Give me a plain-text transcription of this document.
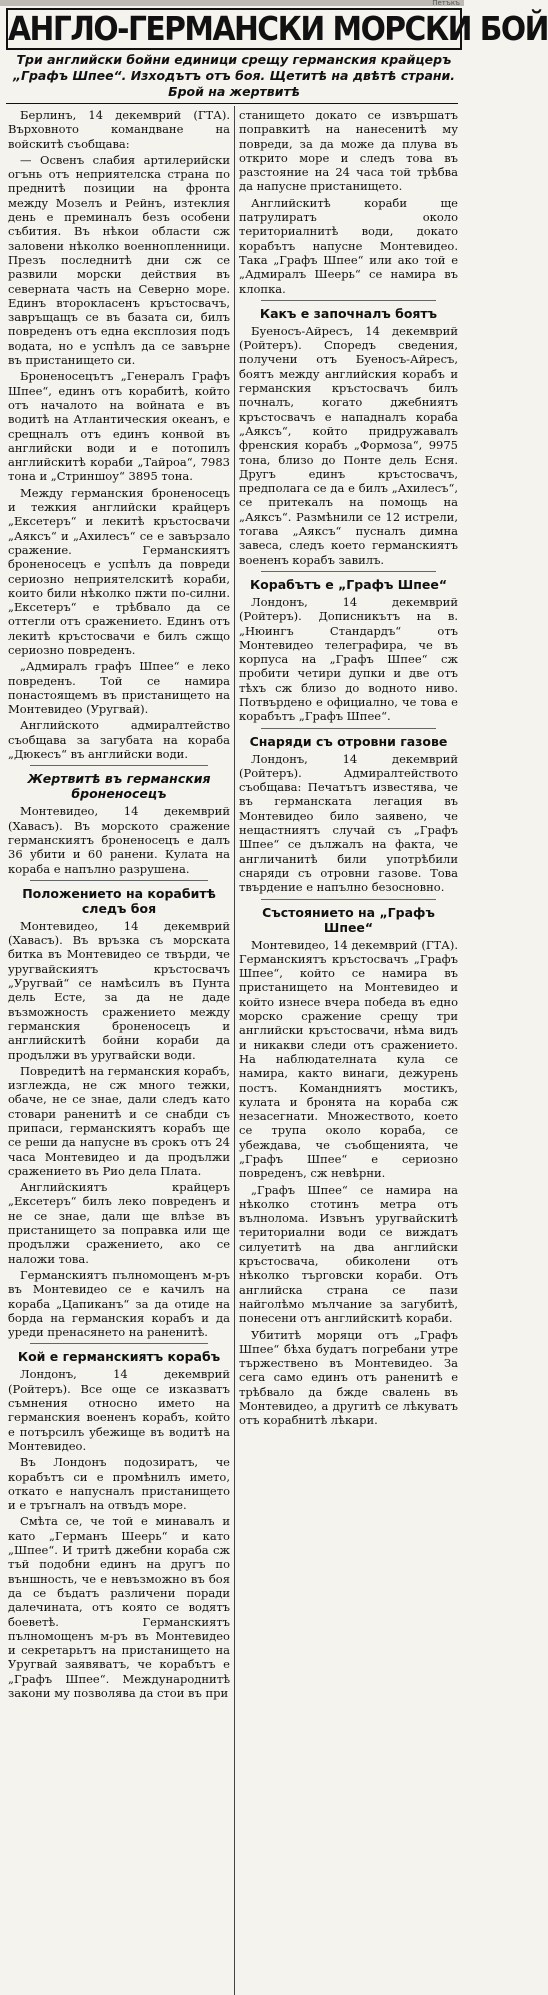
Петъкъ
АНГЛО-ГЕРМАНСКИ МОРСКИ БОЙ
Три английски бойни единици срещу германския крайцеръ „Графъ Шпее“. Изходътъ отъ боя. Щетитѣ на двѣтѣ страни. Брой на жертвитѣ

Берлинъ, 14 декемврий (ГТА). Върховното командване на войскитѣ съобщава:

— Освенъ слабия артилерийски огънь отъ неприятелска страна по преднитѣ позиции на фронта между Мозелъ и Рейнъ, изтеклия день е преминалъ безъ особени събития. Въ нѣкои области сж заловени нѣколко военнопленници. Презъ последнитѣ дни сж се развили морски действия въ северната часть на Северно море. Единъ второкласенъ кръстосвачъ, завръщащъ се въ базата си, билъ повреденъ отъ една експлозия подъ водата, но е успѣлъ да се завърне въ пристанището си.

Броненосецътъ „Генералъ Графъ Шпее“, единъ отъ корабитѣ, който отъ началото на войната е въ водитѣ на Атлантическия океанъ, е срещналъ отъ единъ конвой въ английски води и е потопилъ английскитѣ кораби „Тайроа“, 7983 тона и „Стриншоу“ 3895 тона.

Между германския броненосецъ и тежкия английски крайцеръ „Ексетеръ“ и лекитѣ кръстосвачи „Аяксъ“ и „Ахилесъ“ се е завързало сражение. Германскиятъ броненосецъ е успѣлъ да повреди сериозно неприятелскитѣ кораби, които били нѣколко пжти по-силни. „Ексетеръ“ е трѣбвало да се оттегли отъ сражението. Единъ отъ лекитѣ кръстосвачи е билъ сжщо сериозно повреденъ.

„Адмиралъ графъ Шпее“ е леко повреденъ. Той се намира понастоящемъ въ пристанището на Монтевидео (Уругвай).

Английското адмиралтейство съобщава за загубата на кораба „Дюкесъ“ въ английски води.

Жертвитѣ въ германския броненосецъ

Монтевидео, 14 декемврий (Хавасъ). Въ морското сражение германскиятъ броненосецъ е далъ 36 убити и 60 ранени. Кулата на кораба е напълно разрушена.

Положението на корабитѣ следъ боя

Монтевидео, 14 декемврий (Хавасъ). Въ връзка съ морската битка въ Монтевидео се твърди, че уругвайскиятъ кръстосвачъ „Уругвай“ се намѣсилъ въ Пунта дель Есте, за да не даде възможность сражението между германския броненосецъ и английскитѣ бойни кораби да продължи въ уругвайски води.

Повредитѣ на германския корабъ, изглежда, не сж много тежки, обаче, не се знае, дали следъ като стовари раненитѣ и се снабди съ припаси, германскиятъ корабъ ще се реши да напусне въ срокъ отъ 24 часа Монтевидео и да продължи сражението въ Рио дела Плата.

Английскиятъ крайцеръ „Ексетеръ“ билъ леко повреденъ и не се знае, дали ще влѣзе въ пристанището за поправка или ще продължи сражението, ако се наложи това.

Германскиятъ пълномощенъ м-ръ въ Монтевидео се е качилъ на кораба „Цапиканъ“ за да отиде на борда на германския корабъ и да уреди пренасянето на раненитѣ.

Кой е германскиятъ корабъ

Лондонъ, 14 декемврий (Ройтеръ). Все още се изказватъ съмнения относно името на германския воененъ корабъ, който е потърсилъ убежище въ водитѣ на Монтевидео.

Въ Лондонъ подозиратъ, че корабътъ си е промѣнилъ името, откато е напусналъ пристанището и е тръгналъ на отвъдъ море.

Смѣта се, че той е минавалъ и като „Германъ Шеерь“ и като „Шпее“. И тритѣ джебни кораба сж тъй подобни единъ на другъ по външность, че е невъзможно въ боя да се бъдатъ различени поради далечината, отъ която се водятъ боеветѣ. Германскиятъ пълномощенъ м-ръ въ Монтевидео и секретарьтъ на пристанището на Уругвай заявяватъ, че корабътъ е „Графъ Шпее“. Международнитѣ закони му позволява да стои въ при

станището докато се извършатъ поправкитѣ на нанесенитѣ му повреди, за да може да плува въ открито море и следъ това въ разстояние на 24 часа той трѣбва да напусне пристанището.

Английскитѣ кораби ще патрулиратъ около териториалнитѣ води, докато корабътъ напусне Монтевидео. Така „Графъ Шпее“ или ако той е „Адмиралъ Шеерь“ се намира въ клопка.

Какъ е започналъ боятъ

Буеносъ-Айресъ, 14 декемврий (Ройтеръ). Споредъ сведения, получени отъ Буеносъ-Айресъ, боятъ между английския корабъ и германския кръстосвачъ билъ почналъ, когато джебниятъ кръстосвачъ е нападналъ кораба „Аяксъ“, който придружавалъ френския корабъ „Формоза“, 9975 тона, близо до Понте дель Есня. Другъ единъ кръстосвачъ, предполага се да е билъ „Ахилесъ“, се притекалъ на помощь на „Аяксъ“. Размѣнили се 12 истрели, тогава „Аяксъ“ пусналъ димна завеса, следъ което германскиятъ воененъ корабъ завилъ.

Корабътъ е „Графъ Шпее“

Лондонъ, 14 декемврий (Ройтеръ). Дописникътъ на в. „Нюингъ Стандардъ“ отъ Монтевидео телеграфира, че въ корпуса на „Графъ Шпее“ сж пробити четири дупки и две отъ тѣхъ сж близо до водното ниво. Потвърдено е официално, че това е корабътъ „Графъ Шпее“.

Снаряди съ отровни газове

Лондонъ, 14 декемврий (Ройтеръ). Адмиралтейството съобщава: Печатътъ известява, че въ германската легация въ Монтевидео било заявено, че нещастниятъ случай съ „Графъ Шпее“ се дължалъ на факта, че англичанитѣ били употрѣбили снаряди съ отровни газове. Това твърдение е напълно безосновно.

Състоянието на „Графъ Шпее“

Монтевидео, 14 декемврий (ГТА). Германскиятъ кръстосвачъ „Графъ Шпее“, който се намира въ пристанището на Монтевидео и който изнесе вчера победа въ едно морско сражение срещу три английски кръстосвачи, нѣма видъ и никакви следи отъ сражението. На наблюдателната кула се намира, както винаги, дежурень постъ. Командниятъ мостикъ, кулата и бронята на кораба сж незасегнати. Множеството, което се трупа около кораба, се убеждава, че съобщенията, че „Графъ Шпее“ е сериозно повреденъ, сж невѣрни.

„Графъ Шпее“ се намира на нѣколко стотинъ метра отъ вълнолома. Извънъ уругвайскитѣ териториални води се виждатъ силуетитѣ на два английски кръстосвача, обиколени отъ нѣколко търговски кораби. Отъ английска страна се пази найголѣмо мълчание за загубитѣ, понесени отъ английскитѣ кораби.

Убититѣ моряци отъ „Графъ Шпее“ бѣха будатъ погребани утре тържествено въ Монтевидео. За сега само единъ отъ раненитѣ е трѣбвало да бжде свалень въ Монтевидео, а другитѣ се лѣкуватъ отъ корабнитѣ лѣкари.
